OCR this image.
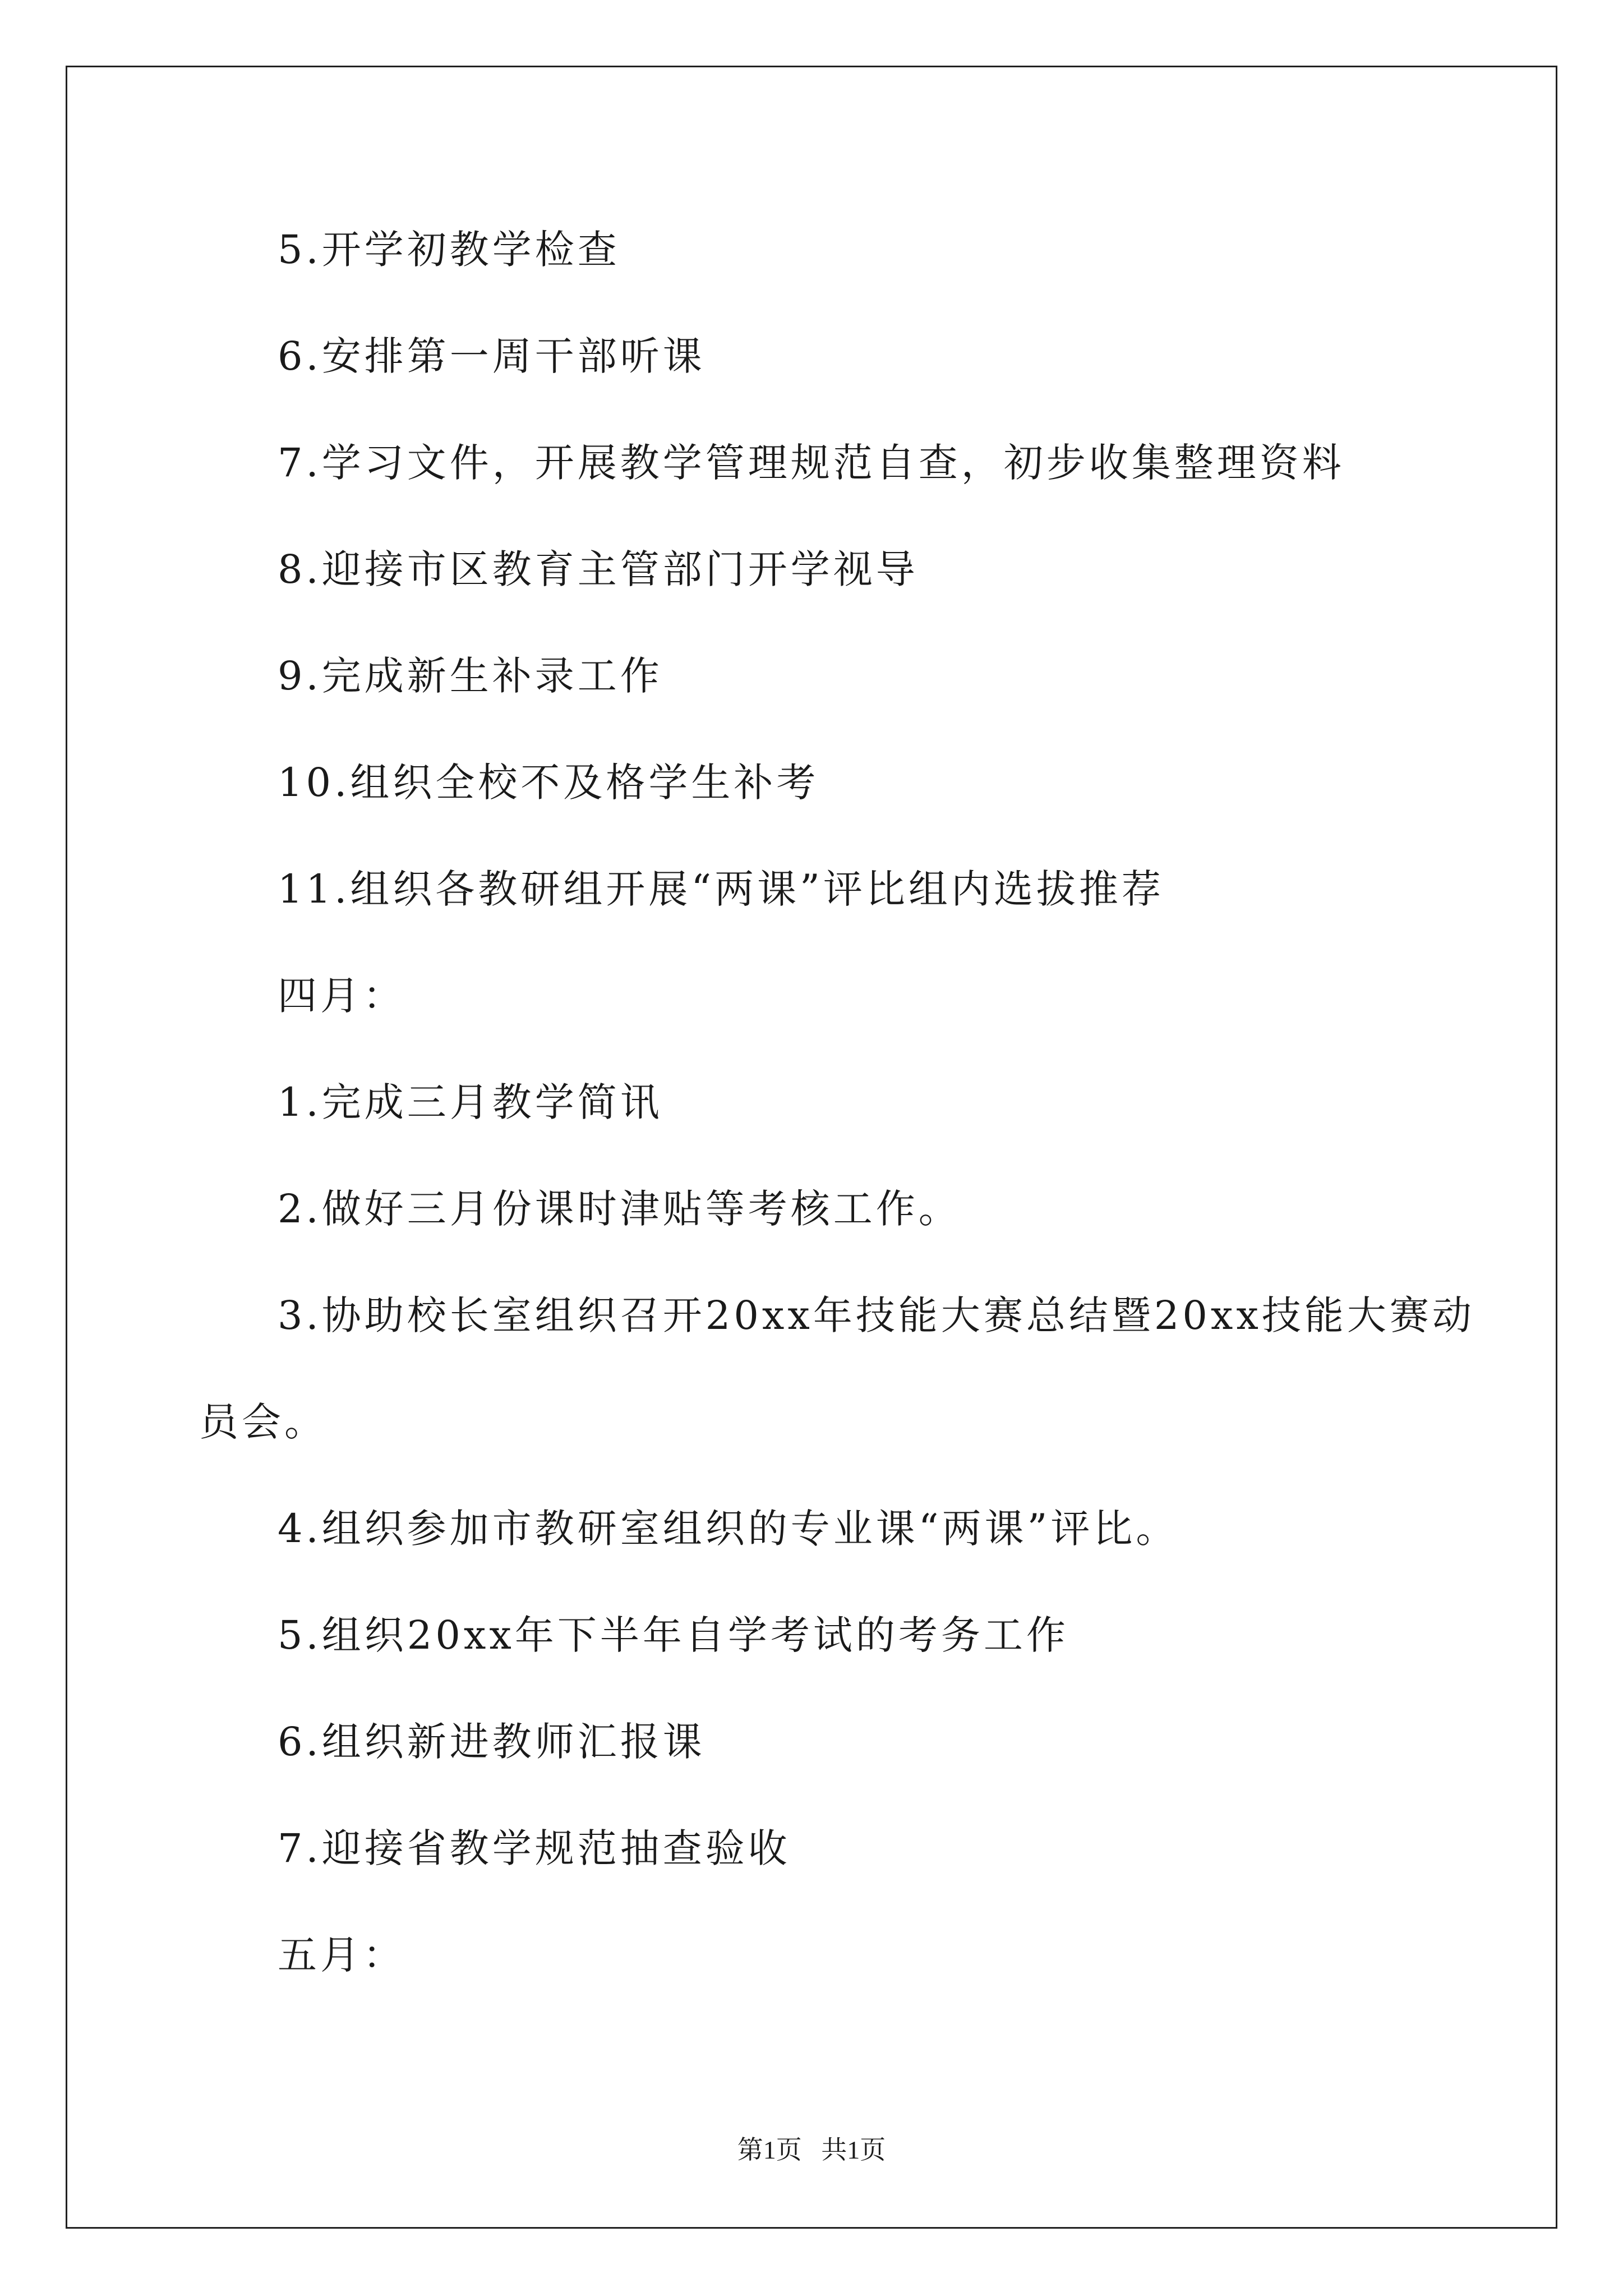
5.开学初教学检查
6.安排第一周干部听课
7.学习文件，开展教学管理规范自查，初步收集整理资料
8.迎接市区教育主管部门开学视导
9.完成新生补录工作
10.组织全校不及格学生补考
11.组织各教研组开展“两课”评比组内选拔推荐
四月：
1.完成三月教学简讯
2.做好三月份课时津贴等考核工作。
3.协助校长室组织召开20xx年技能大赛总结暨20xx技能大赛动
员会。
4.组织参加市教研室组织的专业课“两课”评比。
5.组织20xx年下半年自学考试的考务工作
6.组织新进教师汇报课
7.迎接省教学规范抽查验收
五月：
第1页   共1页
